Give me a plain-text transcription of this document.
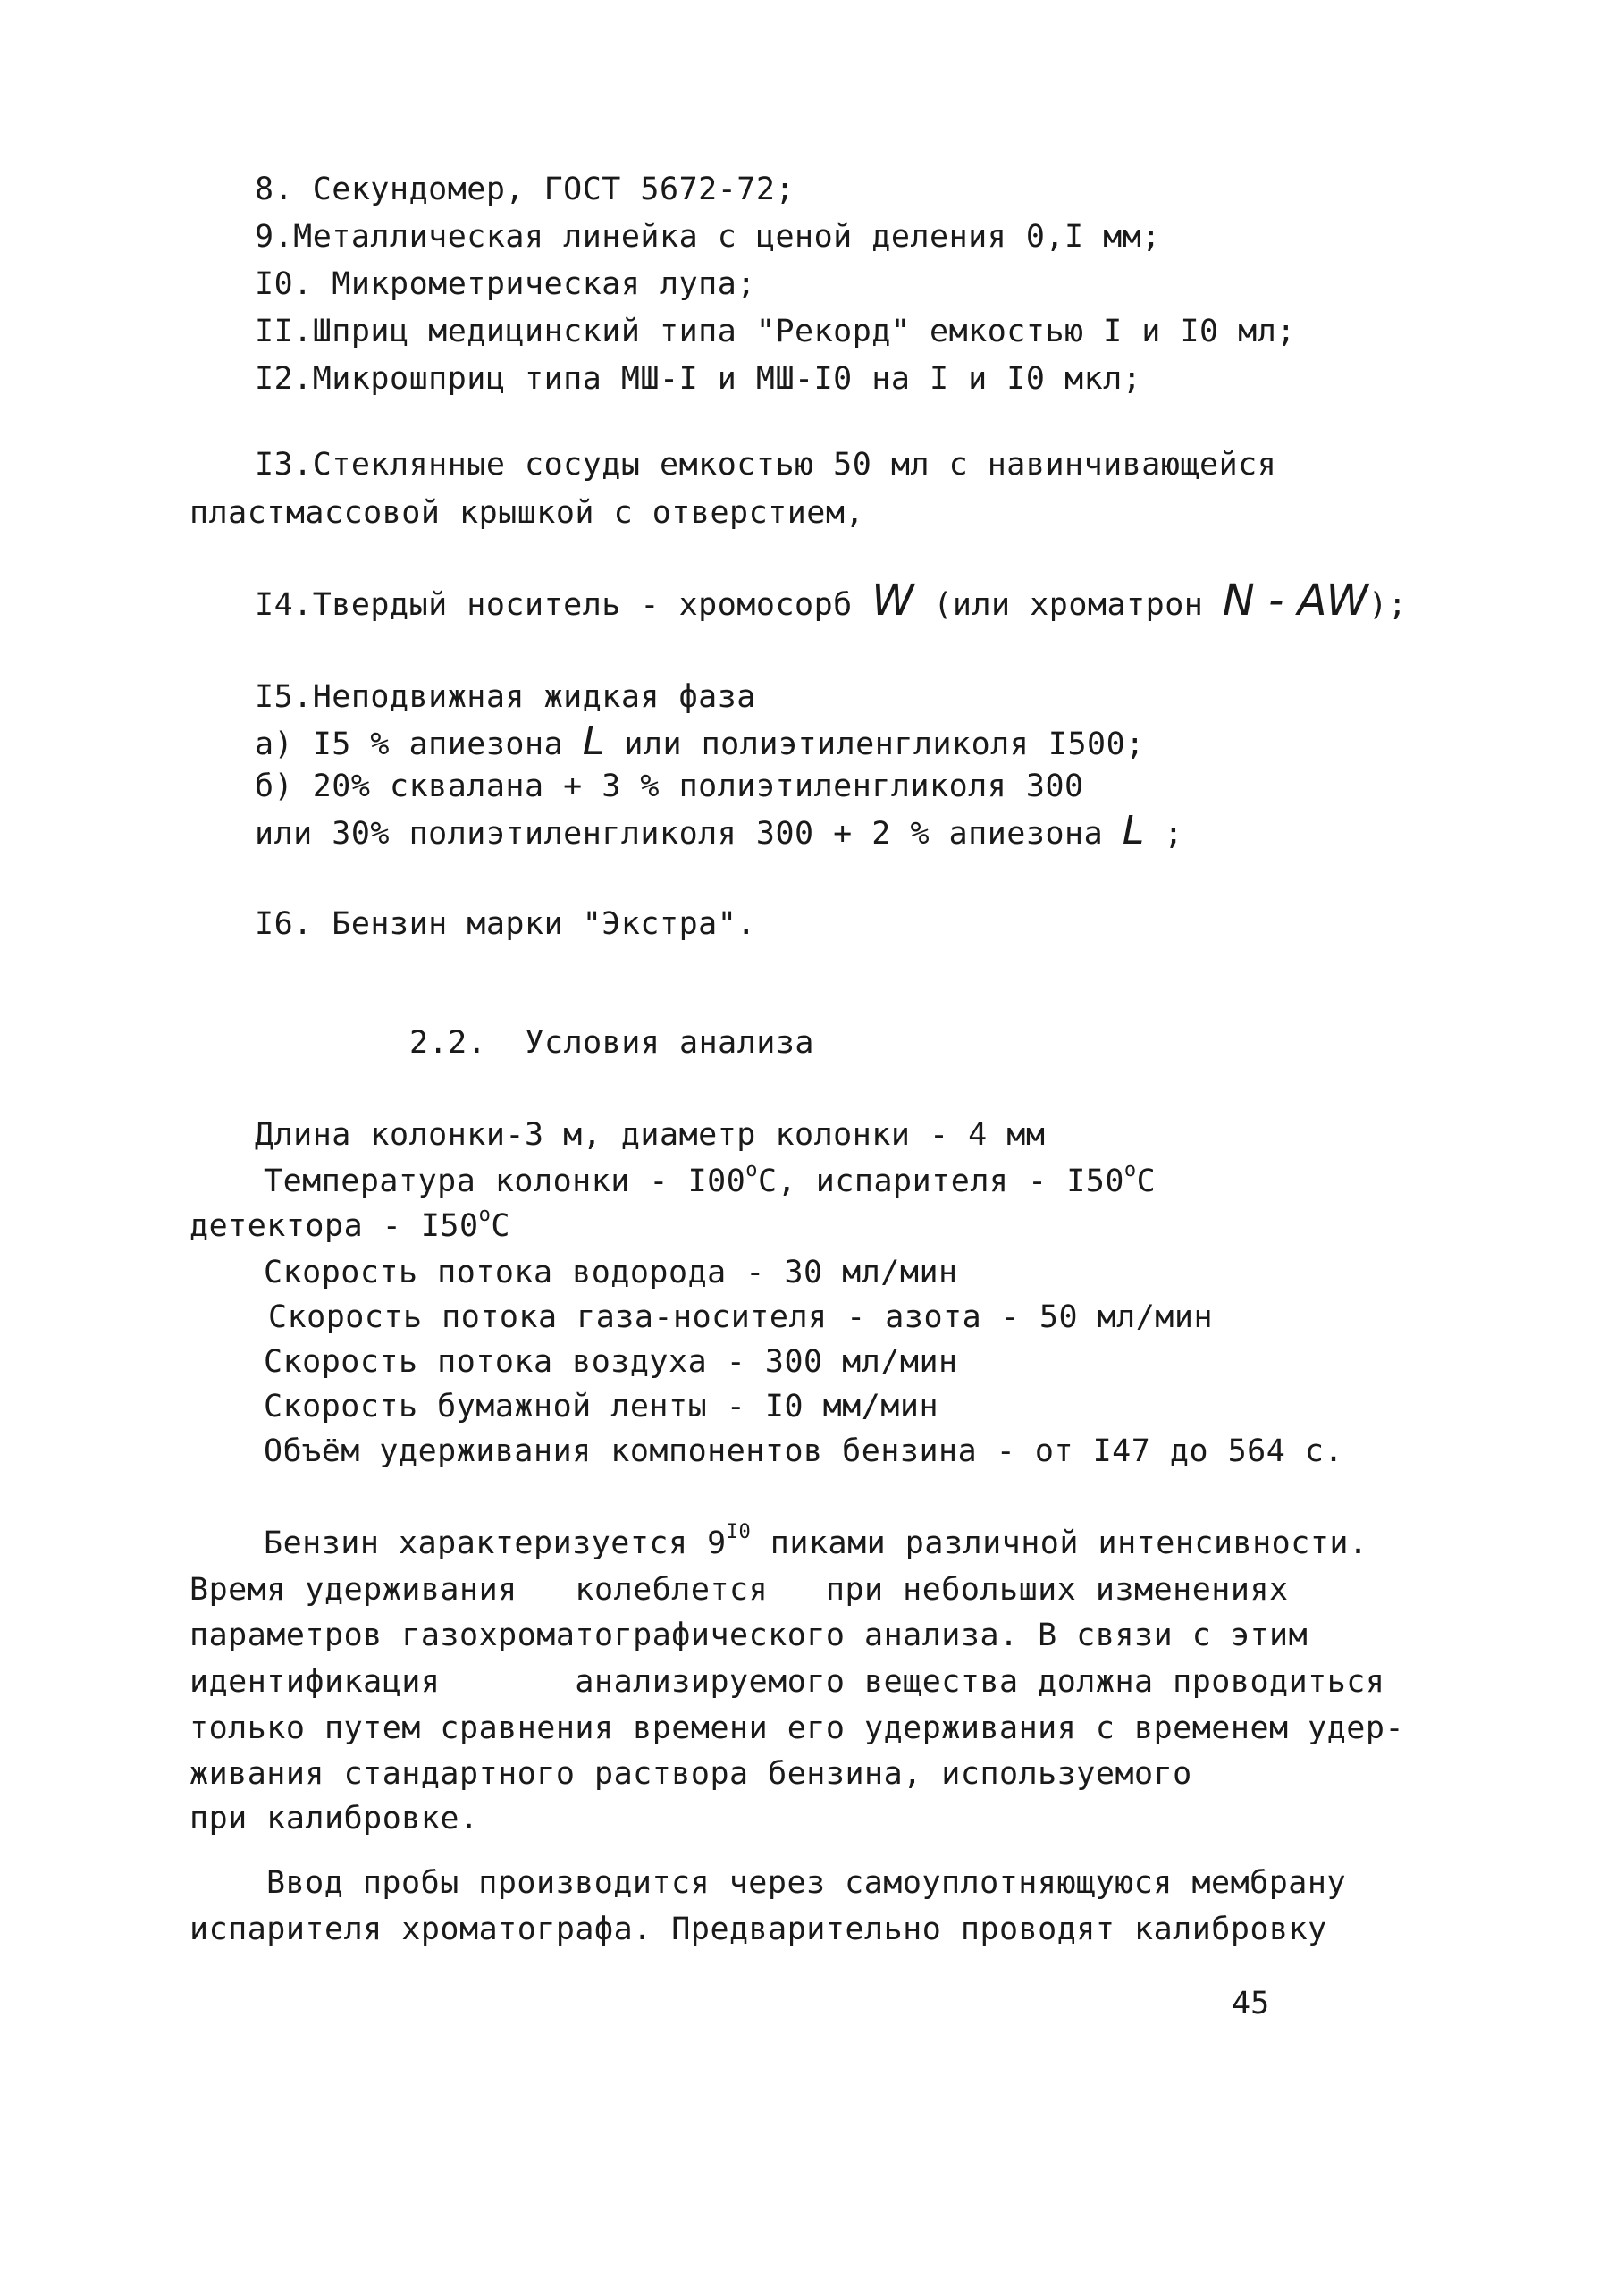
8. Секундомер, ГОСТ 5672-72;
9.Металлическая линейка с ценой деления 0,I мм;
I0. Микрометрическая лупа;
II.Шприц медицинский типа "Рекорд" емкостью I и I0 мл;
I2.Микрошприц типа МШ-I и МШ-I0 на I и I0 мкл;
I3.Стеклянные сосуды емкостью 50 мл с навинчивающейся
пластмассовой крышкой с отверстием,
I4.Твердый носитель - хромосорб W (или хроматрон N - AW);
I5.Неподвижная жидкая фаза
а) I5 % апиезона L или полиэтиленгликоля I500;
б) 20% сквалана + 3 % полиэтиленгликоля 300
или 30% полиэтиленгликоля 300 + 2 % апиезона L ;
I6. Бензин марки "Экстра".
2.2.  Условия анализа
Длина колонки-3 м, диаметр колонки - 4 мм
Температура колонки - I00$^o$С, испарителя - I50$^o$С
детектора - I50$^o$С
Скорость потока водорода - 30 мл/мин
Скорость потока газа-носителя - азота - 50 мл/мин
Скорость потока воздуха - 300 мл/мин
Скорость бумажной ленты - I0 мм/мин
Объём удерживания компонентов бензина - от I47 до 564 с.
Бензин характеризуется $9^{I0}$ пиками различной интенсивности.
Время удерживания   колеблется   при небольших изменениях
параметров газохроматографического анализа. В связи с этим
идентификация       анализируемого вещества должна проводиться
только путем сравнения времени его удерживания с временем удер-
живания стандартного раствора бензина, используемого
при калибровке.
Ввод пробы производится через самоуплотняющуюся мембрану
испарителя хроматографа. Предварительно проводят калибровку
45
